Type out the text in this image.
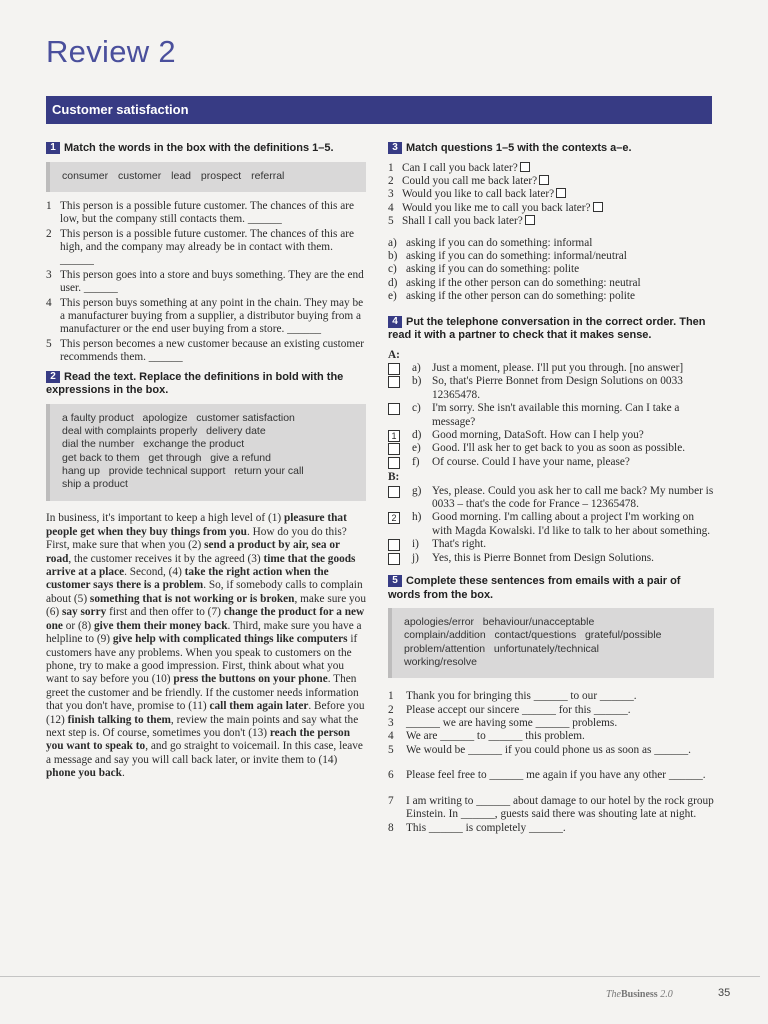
Review 2
Customer satisfaction
1 Match the words in the box with the definitions 1–5.
consumer customer lead prospect referral
1 This person is a possible future customer. The chances of this are low, but the company still contacts them. ______
2 This person is a possible future customer. The chances of this are high, and the company may already be in contact with them. ______
3 This person goes into a store and buys something. They are the end user. ______
4 This person buys something at any point in the chain. They may be a manufacturer buying from a supplier, a distributor buying from a manufacturer or the end user buying from a store. ______
5 This person becomes a new customer because an existing customer recommends them. ______
2 Read the text. Replace the definitions in bold with the expressions in the box.
a faulty product   apologize   customer satisfaction
deal with complaints properly   delivery date
dial the number   exchange the product
get back to them   get through   give a refund
hang up   provide technical support   return your call
ship a product

In business, it's important to keep a high level of (1) pleasure that people get when they buy things from you. How do you do this? First, make sure that when you (2) send a product by air, sea or road, the customer receives it by the agreed (3) time that the goods arrive at a place. Second, (4) take the right action when the customer says there is a problem. So, if somebody calls to complain about (5) something that is not working or is broken, make sure you (6) say sorry first and then offer to (7) change the product for a new one or (8) give them their money back. Third, make sure you have a helpline to (9) give help with complicated things like computers if customers have any problems. When you speak to customers on the phone, try to make a good impression. First, think about what you want to say before you (10) press the buttons on your phone. Then greet the customer and be friendly. If the customer needs information that you don't have, promise to (11) call them again later. Before you (12) finish talking to them, review the main points and say what the next step is. Of course, sometimes you don't (13) reach the person you want to speak to, and go straight to voicemail. In this case, leave a message and say you will call back later, or invite them to (14) phone you back.

3 Match questions 1–5 with the contexts a–e.
1 Can I call you back later?
2 Could you call me back later?
3 Would you like to call back later?
4 Would you like me to call you back later?
5 Shall I call you back later?
a) asking if you can do something: informal
b) asking if you can do something: informal/neutral
c) asking if you can do something: polite
d) asking if the other person can do something: neutral
e) asking if the other person can do something: polite
4 Put the telephone conversation in the correct order. Then read it with a partner to check that it makes sense.
A:
a) Just a moment, please. I'll put you through. [no answer]
b) So, that's Pierre Bonnet from Design Solutions on 0033 12365478.
c) I'm sorry. She isn't available this morning. Can I take a message?
1	d) Good morning, DataSoft. How can I help you?
e) Good. I'll ask her to get back to you as soon as possible.
f) Of course. Could I have your name, please?
B:
g) Yes, please. Could you ask her to call me back? My number is 0033 – that's the code for France – 12365478.
2	h) Good morning. I'm calling about a project I'm working on with Magda Kowalski. I'd like to talk to her about something.
i) That's right.
j) Yes, this is Pierre Bonnet from Design Solutions.
5 Complete these sentences from emails with a pair of words from the box.
apologies/error   behaviour/unacceptable
complain/addition   contact/questions   grateful/possible
problem/attention   unfortunately/technical
working/resolve
1 Thank you for bringing this ______ to our ______.
2 Please accept our sincere ______ for this ______.
3 ______ we are having some ______ problems.
4 We are ______ to ______ this problem.
5 We would be ______ if you could phone us as soon as ______.
6 Please feel free to ______ me again if you have any other ______.
7 I am writing to ______ about damage to our hotel by the rock group Einstein. In ______, guests said there was shouting late at night.
8 This ______ is completely ______.
TheBusiness 2.0	35
